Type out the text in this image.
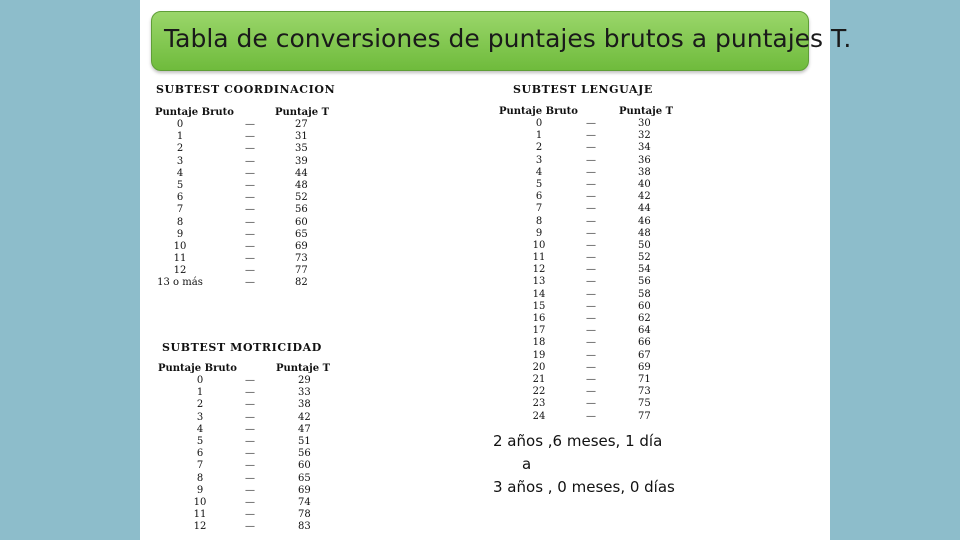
Tabla de conversiones de puntajes brutos a puntajes T.
SUBTEST COORDINACION
Puntaje Bruto	Puntaje T
0	—	27
1	—	31
2	—	35
3	—	39
4	—	44
5	—	48
6	—	52
7	—	56
8	—	60
9	—	65
10	—	69
11	—	73
12	—	77
13 o más	—	82
SUBTEST MOTRICIDAD
Puntaje Bruto	Puntaje T
0	—	29
1	—	33
2	—	38
3	—	42
4	—	47
5	—	51
6	—	56
7	—	60
8	—	65
9	—	69
10	—	74
11	—	78
12	—	83
SUBTEST LENGUAJE
Puntaje Bruto	Puntaje T
0	—	30
1	—	32
2	—	34
3	—	36
4	—	38
5	—	40
6	—	42
7	—	44
8	—	46
9	—	48
10	—	50
11	—	52
12	—	54
13	—	56
14	—	58
15	—	60
16	—	62
17	—	64
18	—	66
19	—	67
20	—	69
21	—	71
22	—	73
23	—	75
24	—	77
2 años ,6 meses, 1 día
a
3 años , 0 meses, 0 días
